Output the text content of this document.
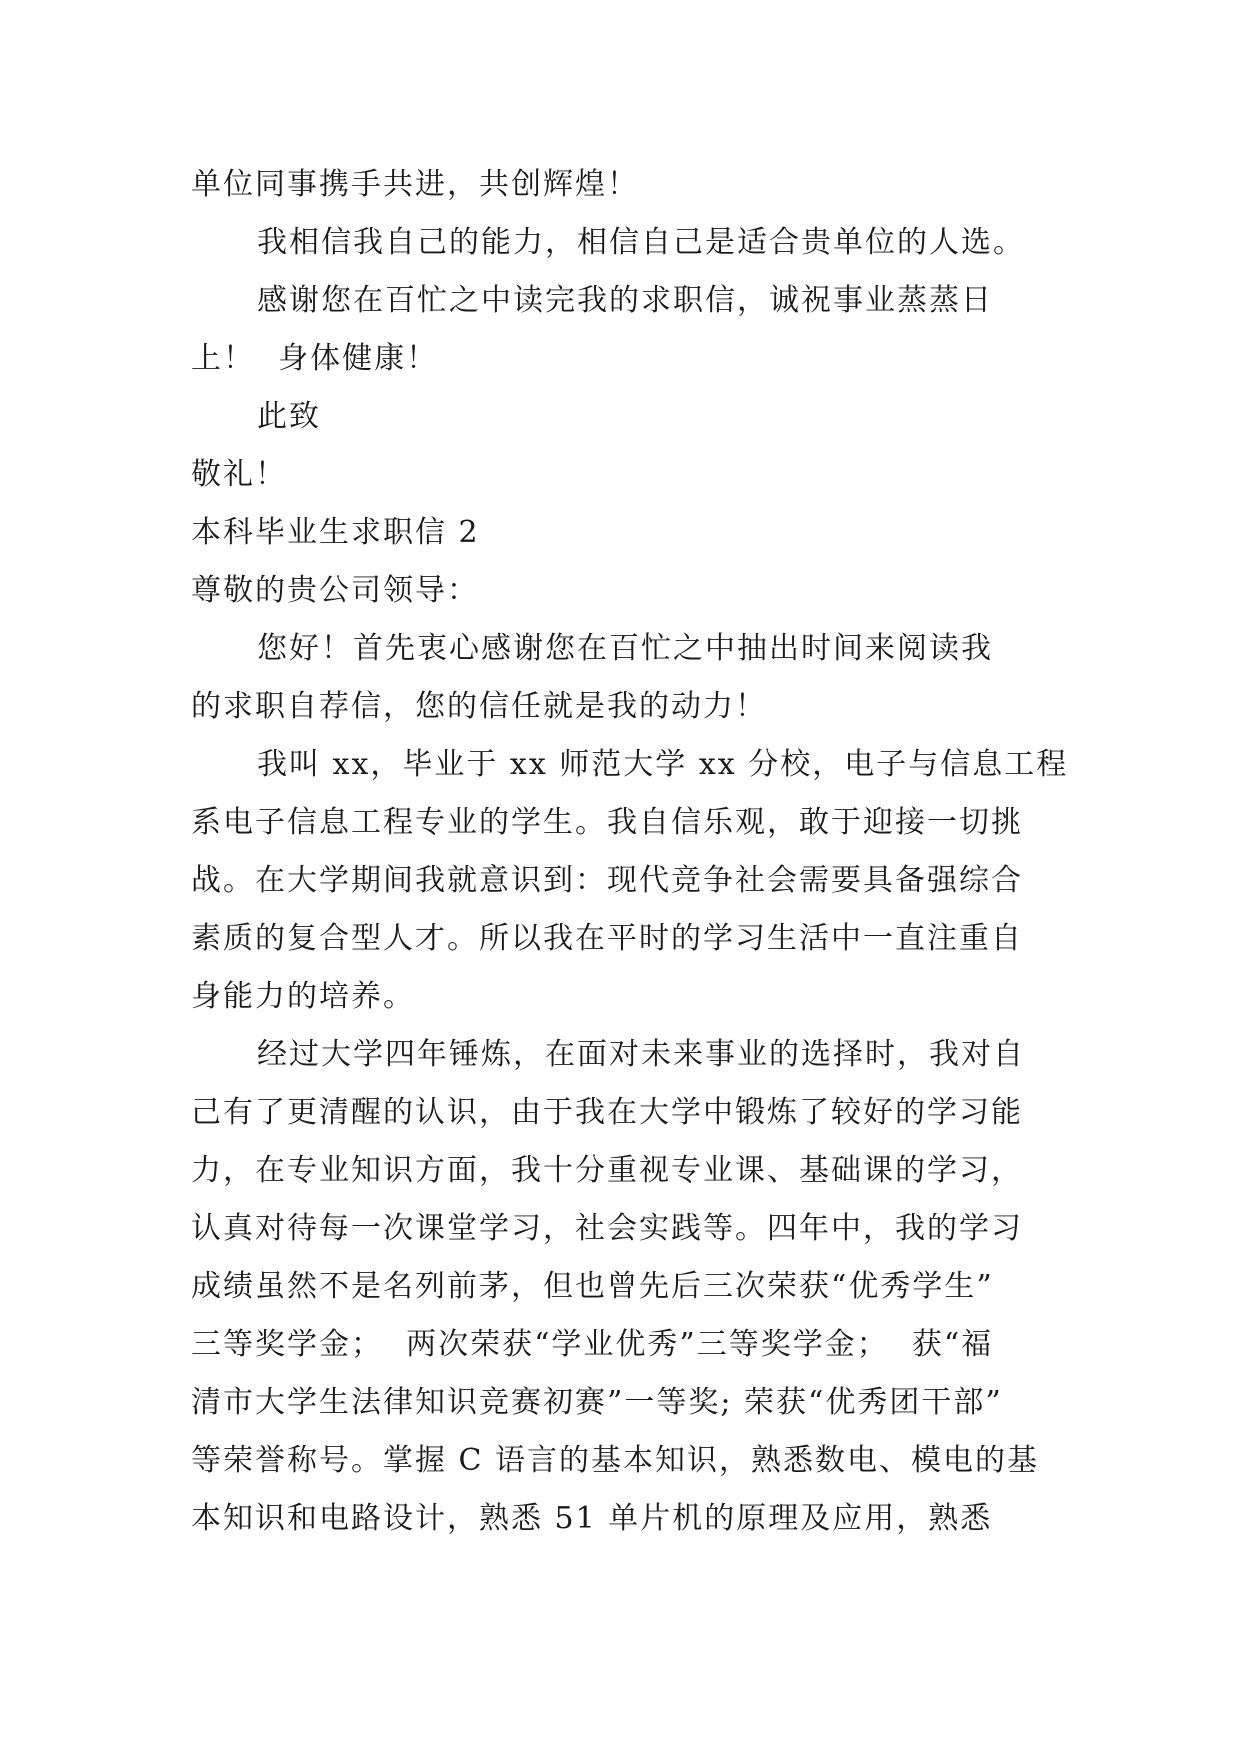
单位同事携手共进，共创辉煌！
我相信我自己的能力，相信自己是适合贵单位的人选。
感谢您在百忙之中读完我的求职信，诚祝事业蒸蒸日
上！  身体健康！
此致
敬礼！
本科毕业生求职信 2
尊敬的贵公司领导：
您好！首先衷心感谢您在百忙之中抽出时间来阅读我
的求职自荐信，您的信任就是我的动力！
我叫 xx，毕业于 xx 师范大学 xx 分校，电子与信息工程
系电子信息工程专业的学生。我自信乐观，敢于迎接一切挑
战。在大学期间我就意识到：现代竞争社会需要具备强综合
素质的复合型人才。所以我在平时的学习生活中一直注重自
身能力的培养。
经过大学四年锤炼，在面对未来事业的选择时，我对自
己有了更清醒的认识，由于我在大学中锻炼了较好的学习能
力，在专业知识方面，我十分重视专业课、基础课的学习，
认真对待每一次课堂学习，社会实践等。四年中，我的学习
成绩虽然不是名列前茅，但也曾先后三次荣获“优秀学生”
三等奖学金；  两次荣获“学业优秀”三等奖学金；  获“福
清市大学生法律知识竞赛初赛”一等奖; 荣获“优秀团干部”
等荣誉称号。掌握 C 语言的基本知识，熟悉数电、模电的基
本知识和电路设计，熟悉 51 单片机的原理及应用，熟悉
